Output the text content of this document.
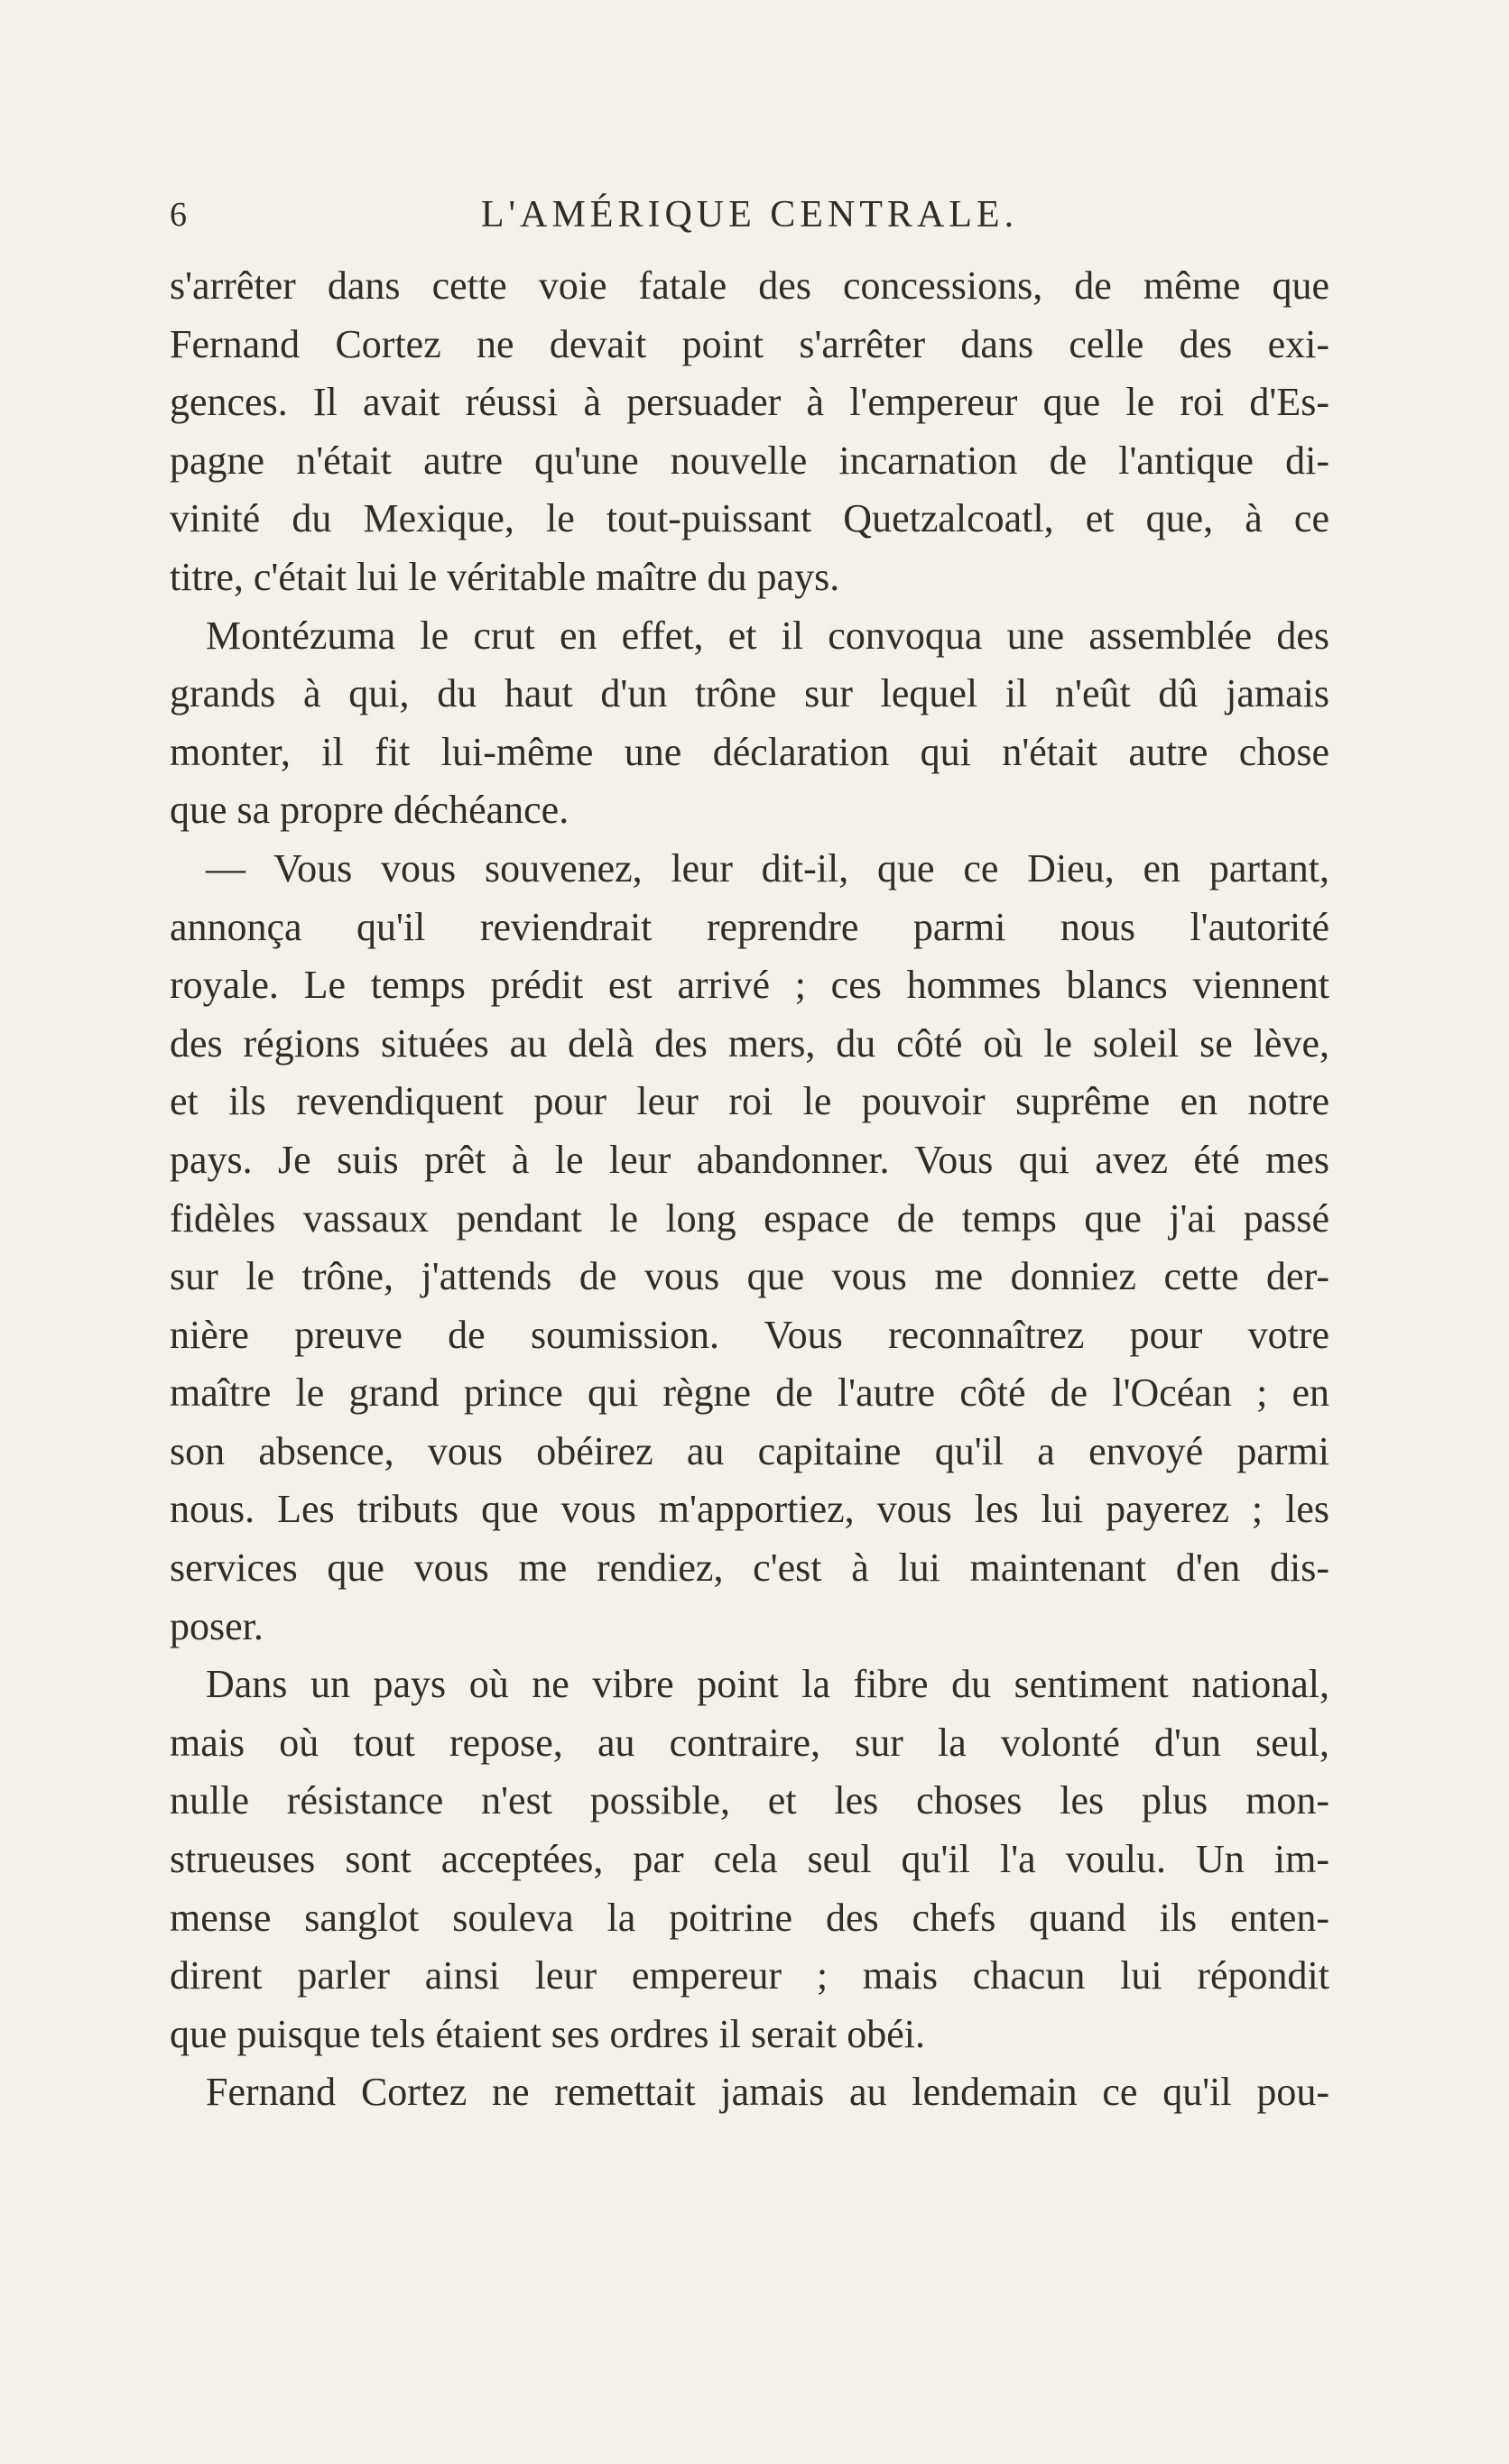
6	L'AMÉRIQUE CENTRALE.
s'arrêter dans cette voie fatale des concessions, de même que
Fernand Cortez ne devait point s'arrêter dans celle des exi-
gences. Il avait réussi à persuader à l'empereur que le roi d'Es-
pagne n'était autre qu'une nouvelle incarnation de l'antique di-
vinité du Mexique, le tout-puissant Quetzalcoatl, et que, à ce
titre, c'était lui le véritable maître du pays.
Montézuma le crut en effet, et il convoqua une assemblée des
grands à qui, du haut d'un trône sur lequel il n'eût dû jamais
monter, il fit lui-même une déclaration qui n'était autre chose
que sa propre déchéance.
— Vous vous souvenez, leur dit-il, que ce Dieu, en partant,
annonça qu'il reviendrait reprendre parmi nous l'autorité
royale. Le temps prédit est arrivé ; ces hommes blancs viennent
des régions situées au delà des mers, du côté où le soleil se lève,
et ils revendiquent pour leur roi le pouvoir suprême en notre
pays. Je suis prêt à le leur abandonner. Vous qui avez été mes
fidèles vassaux pendant le long espace de temps que j'ai passé
sur le trône, j'attends de vous que vous me donniez cette der-
nière preuve de soumission. Vous reconnaîtrez pour votre
maître le grand prince qui règne de l'autre côté de l'Océan ; en
son absence, vous obéirez au capitaine qu'il a envoyé parmi
nous. Les tributs que vous m'apportiez, vous les lui payerez ; les
services que vous me rendiez, c'est à lui maintenant d'en dis-
poser.
Dans un pays où ne vibre point la fibre du sentiment national,
mais où tout repose, au contraire, sur la volonté d'un seul,
nulle résistance n'est possible, et les choses les plus mon-
strueuses sont acceptées, par cela seul qu'il l'a voulu. Un im-
mense sanglot souleva la poitrine des chefs quand ils enten-
dirent parler ainsi leur empereur ; mais chacun lui répondit
que puisque tels étaient ses ordres il serait obéi.
Fernand Cortez ne remettait jamais au lendemain ce qu'il pou-
